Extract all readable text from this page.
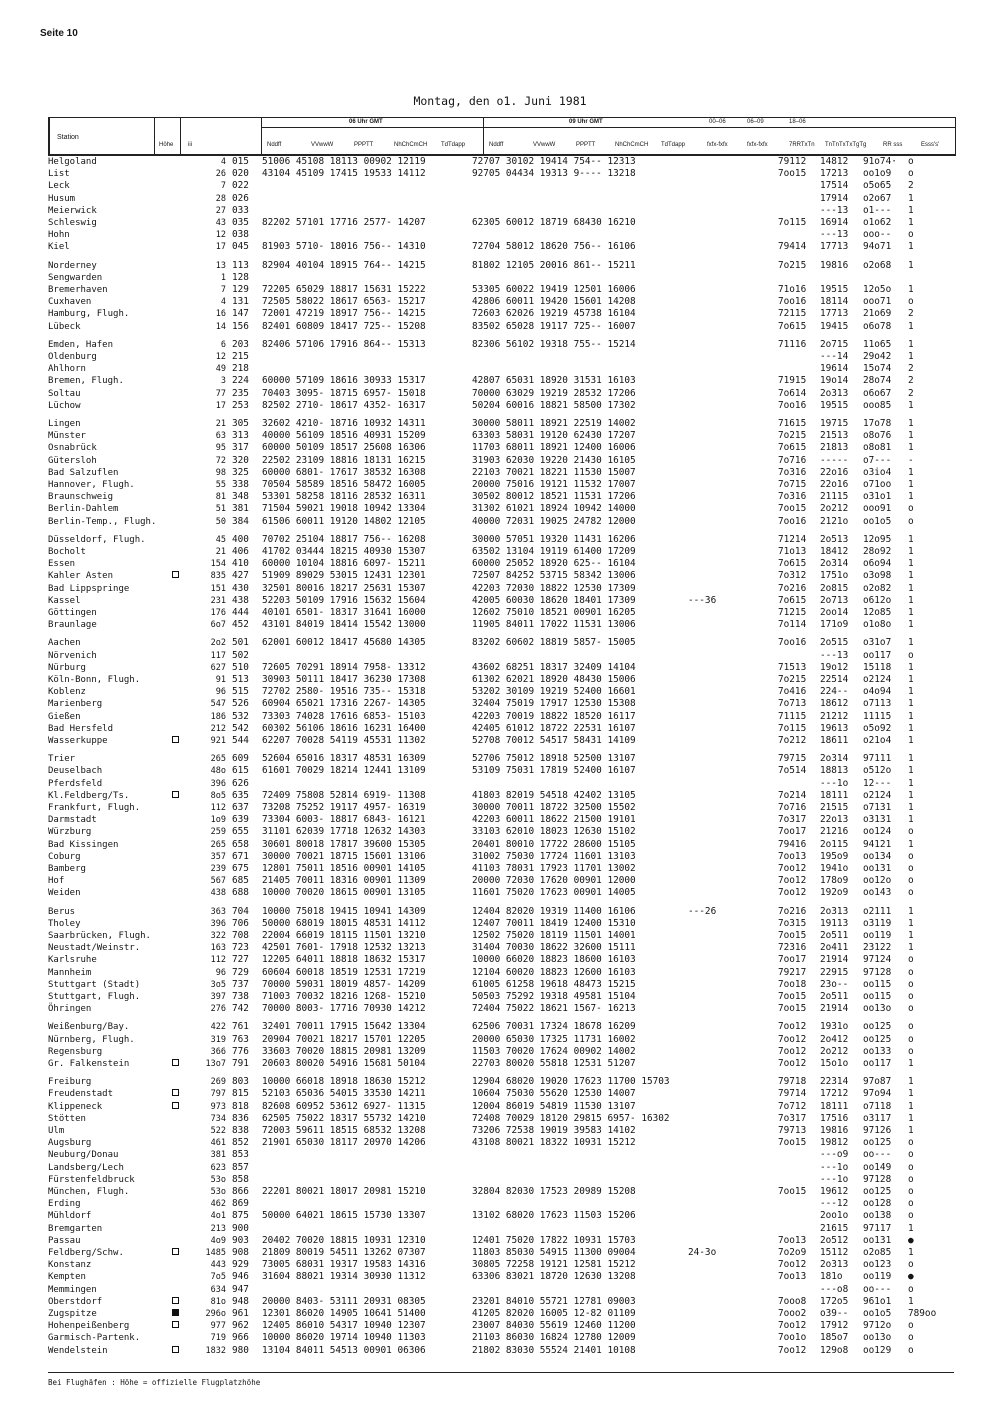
Seite 10
Montag, den o1. Juni 1981
Station
Höhe iii
06 Uhr GMT	09 Uhr GMT
Nddff	VVwwW	PPPTT	NhChCmCH TdTdapp	Nddff	VVwwW	PPPTT	NhChCmCH TdTdapp
00–06	06–09	18–06
fxfx-fxfx	fxfx-fxfx	7RRTxTn TnTnTxTxTgTg	RR sss	Esss's'
Helgoland	4 015 51006 45108 18113 00902 12119	72707 30102 19414 754-- 12313	79112 14812 91o74· o
List	26 020 43104 45109 17415 19533 14112	92705 04434 19313 9---- 13218	7oo15 17213 oo1o9 o
Leck	7 022	17514 o5o65 2
Husum	28 026	17914 o2o67 1
Meierwick	27 033	---13 o1--- 1
Schleswig	43 035 82202 57101 17716 2577- 14207	62305 60012 18719 68430 16210	7o115 16914 o1o62 1
Hohn	12 038	---13 ooo-- o
Kiel	17 045 81903 5710- 18016 756-- 14310	72704 58012 18620 756-- 16106	79414 17713 94o71 1
Norderney	13 113 82904 40104 18915 764-- 14215	81802 12105 20016 861-- 15211	7o215 19816 o2o68 1
Sengwarden	1 128
Bremerhaven	7 129 72205 65029 18817 15631 15222	53305 60022 19419 12501 16006	71o16 19515 12o5o 1
Cuxhaven	4 131 72505 58022 18617 6563- 15217	42806 60011 19420 15601 14208	7oo16 18114 ooo71 o
Hamburg, Flugh.	16 147 72001 47219 18917 756-- 14215	72603 62026 19219 45738 16104	72115 17713 21o69 2
Lübeck	14 156 82401 60809 18417 725-- 15208	83502 65028 19117 725-- 16007	7o615 19415 o6o78 1
Emden, Hafen	6 203 82406 57106 17916 864-- 15313	82306 56102 19318 755-- 15214	71116 2o715 11o65 1
Oldenburg	12 215	---14 29o42 1
Ahlhorn	49 218	19614 15o74 2
Bremen, Flugh.	3 224 60000 57109 18616 30933 15317	42807 65031 18920 31531 16103	71915 19o14 28o74 2
Soltau	77 235 70403 3095- 18715 6957- 15018	70000 63029 19219 28532 17206	7o614 2o313 o6o67 2
Lüchow	17 253 82502 2710- 18617 4352- 16317	50204 60016 18821 58500 17302	7oo16 19515 ooo85 1
Lingen	21 305 32602 4210- 18716 10932 14311	30000 58011 18921 22519 14002	71615 19715 17o78 1
Münster	63 313 40000 56109 18516 40931 15209	63303 58031 19120 62430 17207	7o215 21513 o8o76 1
Osnabrück	95 317 60000 50109 18517 25608 16306	11703 68011 18921 12400 16006	7o615 21813 o8o81 1
Gütersloh	72 320 22502 23109 18816 18131 16215	31903 62030 19220 21430 16105	7o716 ----- o7--- -
Bad Salzuflen	98 325 60000 6801- 17617 38532 16308	22103 70021 18221 11530 15007	7o316 22o16 o3io4 1
Hannover, Flugh.	55 338 70504 58589 18516 58472 16005	20000 75016 19121 11532 17007	7o715 22o16 o71oo 1
Braunschweig	81 348 53301 58258 18116 28532 16311	30502 80012 18521 11531 17206	7o316 21115 o31o1 1
Berlin-Dahlem	51 381 71504 59021 19018 10942 13304	31302 61021 18924 10942 14000	7oo15 2o212 ooo91 o
Berlin-Temp., Flugh.	50 384 61506 60011 19120 14802 12105	40000 72031 19025 24782 12000	7oo16 2121o oo1o5 o
Düsseldorf, Flugh.	45 400 70702 25104 18817 756-- 16208	30000 57051 19320 11431 16206	71214 2o513 12o95 1
Bocholt	21 406 41702 03444 18215 40930 15307	63502 13104 19119 61400 17209	71o13 18412 28o92 1
Essen	154 410 60000 10104 18816 6097- 15211	60000 25052 18920 625-- 16104	7o615 2o314 o6o94 1
Kahler Asten	835 427 51909 89029 53015 12431 12301	72507 84252 53715 58342 13006	7o312 1751o o3o98 1
Bad Lippspringe	151 430 32501 80016 18217 25631 15307	42203 72030 18822 12530 17309	7o216 2o815 o2o82 1
Kassel	231 438 52203 50109 17916 15632 15604	42005 60030 18620 18401 17309	---36	7o615 2o713 o612o 1
Göttingen	176 444 40101 6501- 18317 31641 16000	12602 75010 18521 00901 16205	71215 2oo14 12o85 1
Braunlage	6o7 452 43101 84019 18414 15542 13000	11905 84011 17022 11531 13006	7o114 171o9 o1o8o 1
Aachen	2o2 501 62001 60012 18417 45680 14305	83202 60602 18819 5857- 15005	7oo16 2o515 o31o7 1
Nörvenich	117 502	---13 oo117 o
Nürburg	627 510 72605 70291 18914 7958- 13312	43602 68251 18317 32409 14104	71513 19o12 15118 1
Köln-Bonn, Flugh.	91 513 30903 50111 18417 36230 17308	61302 62021 18920 48430 15006	7o215 22514 o2124 1
Koblenz	96 515 72702 2580- 19516 735-- 15318	53202 30109 19219 52400 16601	7o416 224-- o4o94 1
Marienberg	547 526 60904 65021 17316 2267- 14305	32404 75019 17917 12530 15308	7o713 18612 o7113 1
Gießen	186 532 73303 74028 17616 6853- 15103	42203 70019 18822 18520 16117	71115 21212 11115 1
Bad Hersfeld	212 542 60302 56106 18616 16231 16400	42405 61012 18722 22531 16107	7o115 19613 o5o92 1
Wasserkuppe	921 544 62207 70028 54119 45531 11302	52708 70012 54517 58431 14109	7o212 18611 o21o4 1
Trier	265 609 52604 65016 18317 48531 16309	52706 75012 18918 52500 13107	79715 2o314 97111 1
Deuselbach	48o 615 61601 70029 18214 12441 13109	53109 75031 17819 52400 16107	7o514 18813 o512o 1
Pferdsfeld	396 626	---1o 12--- 1
Kl.Feldberg/Ts.	8o5 635 72409 75808 52814 6919- 11308	41803 82019 54518 42402 13105	7o214 18111 o2124 1
Frankfurt, Flugh.	112 637 73208 75252 19117 4957- 16319	30000 70011 18722 32500 15502	7o716 21515 o7131 1
Darmstadt	1o9 639 73304 6003- 18817 6843- 16121	42203 60011 18622 21500 19101	7o317 22o13 o3131 1
Würzburg	259 655 31101 62039 17718 12632 14303	33103 62010 18023 12630 15102	7oo17 21216 oo124 o
Bad Kissingen	265 658 30601 80018 17817 39600 15305	20401 80010 17722 28600 15105	79416 2o115 94121 1
Coburg	357 671 30000 70021 18715 15601 13106	31002 75030 17724 11601 13103	7oo13 195o9 oo134 o
Bamberg	239 675 12801 75011 18516 00901 14105	41103 78031 17923 11701 13002	7oo12 1941o oo131 o
Hof	567 685 21405 70011 18316 00901 11309	20000 72030 17620 00901 12000	7oo12 178o9 oo12o o
Weiden	438 688 10000 70020 18615 00901 13105	11601 75020 17623 00901 14005	7oo12 192o9 oo143 o
Berus	363 704 10000 75018 19415 10941 14309	12404 82020 19319 11400 16106	---26	7o216 2o313 o2111 1
Tholey	396 706 50000 68019 18015 48531 14112	12407 70011 18419 12400 15310	7o315 19113 o3119 1
Saarbrücken, Flugh.	322 708 22004 66019 18115 11501 13210	12502 75020 18119 11501 14001	7oo15 2o511 oo119 1
Neustadt/Weinstr.	163 723 42501 7601- 17918 12532 13213	31404 70030 18622 32600 15111	72316 2o411 23122 1
Karlsruhe	112 727 12205 64011 18818 18632 15317	10000 66020 18823 18600 16103	7oo17 21914 97124 o
Mannheim	96 729 60604 60018 18519 12531 17219	12104 60020 18823 12600 16103	79217 22915 97128 o
Stuttgart (Stadt)	3o5 737 70000 59031 18019 4857- 14209	61005 61258 19618 48473 15215	7oo18 23o-- oo115 o
Stuttgart, Flugh.	397 738 71003 70032 18216 1268- 15210	50503 75292 19318 49581 15104	7oo15 2o511 oo115 o
Öhringen	276 742 70000 8003- 17716 70930 14212	72404 75022 18621 1567- 16213	7oo15 21914 oo13o o
Weißenburg/Bay.	422 761 32401 70011 17915 15642 13304	62506 70031 17324 18678 16209	7oo12 1931o oo125 o
Nürnberg, Flugh.	319 763 20904 70021 18217 15701 12205	20000 65030 17325 11731 16002	7oo12 2o412 oo125 o
Regensburg	366 776 33603 70020 18815 20981 13209	11503 70020 17624 00902 14002	7oo12 2o212 oo133 o
Gr. Falkenstein	13o7 791 20603 80020 54916 15681 50104	22703 80020 55818 12531 51207	7oo12 15o1o oo117 1
Freiburg	269 803 10000 66018 18918 18630 15212	12904 68020 19020 17623 11700 15703	79718 22314 97o87 1
Freudenstadt	797 815 52103 65036 54015 33530 14211	10604 75030 55620 12530 14007	79714 17212 97o94 1
Klippeneck	973 818 82608 60952 53612 6927- 11315	12004 86019 54819 11530 13107	7o712 18111 o7118 1
Stötten	734 836 62505 75022 18317 55732 14210	72408 70029 18120 29815 6957- 16302	7o317 17516 o3117 1
Ulm	522 838 72003 59611 18515 68532 13208	73206 72538 19019 39583 14102	79713 19816 97126 1
Augsburg	461 852 21901 65030 18117 20970 14206	43108 80021 18322 10931 15212	7oo15 19812 oo125 o
Neuburg/Donau	381 853	---o9 oo--- o
Landsberg/Lech	623 857	---1o oo149 o
Fürstenfeldbruck	53o 858	---1o 97128 o
München, Flugh.	53o 866 22201 80021 18017 20981 15210	32804 82030 17523 20989 15208	7oo15 19612 oo125 o
Erding	462 869	---12 oo128 o
Mühldorf	4o1 875 50000 64021 18615 15730 13307	13102 68020 17623 11503 15206	2oo1o oo138 o
Bremgarten	213 900	21615 97117 1
Passau	4o9 903 20402 70020 18815 10931 12310	12401 75020 17822 10931 15703	7oo13 2o512 oo131 ●
Feldberg/Schw.	1485 908 21809 80019 54511 13262 07307	11803 85030 54915 11300 09004	24-3o	7o2o9 15112 o2o85 1
Konstanz	443 929 73005 68031 19317 19583 14316	30805 72258 19121 12581 15212	7oo12 2o313 oo123 o
Kempten	7o5 946 31604 88021 19314 30930 11312	63306 83021 18720 12630 13208	7oo13 181o oo119 ●
Memmingen	634 947	---o8 oo--- o
Oberstdorf	81o 948 20000 8403- 53111 20931 08305	23201 84010 55721 12781 09003	7ooo8 172o5 961o1 1
Zugspitze	296o 961 12301 86020 14905 10641 51400	41205 82020 16005 12-82 01109	7ooo2 o39-- oo1o5 789oo
Hohenpeißenberg	977 962 12405 86010 54317 10940 12307	23007 84030 55619 12460 11200	7oo12 17912 9712o o
Garmisch-Partenk.	719 966 10000 86020 19714 10940 11303	21103 86030 16824 12780 12009	7oo1o 185o7 oo13o o
Wendelstein	1832 980 13104 84011 54513 00901 06306	21802 83030 55524 21401 10108	7oo12 129o8 oo129 o
Bei Flughäfen : Höhe = offizielle Flugplatzhöhe
